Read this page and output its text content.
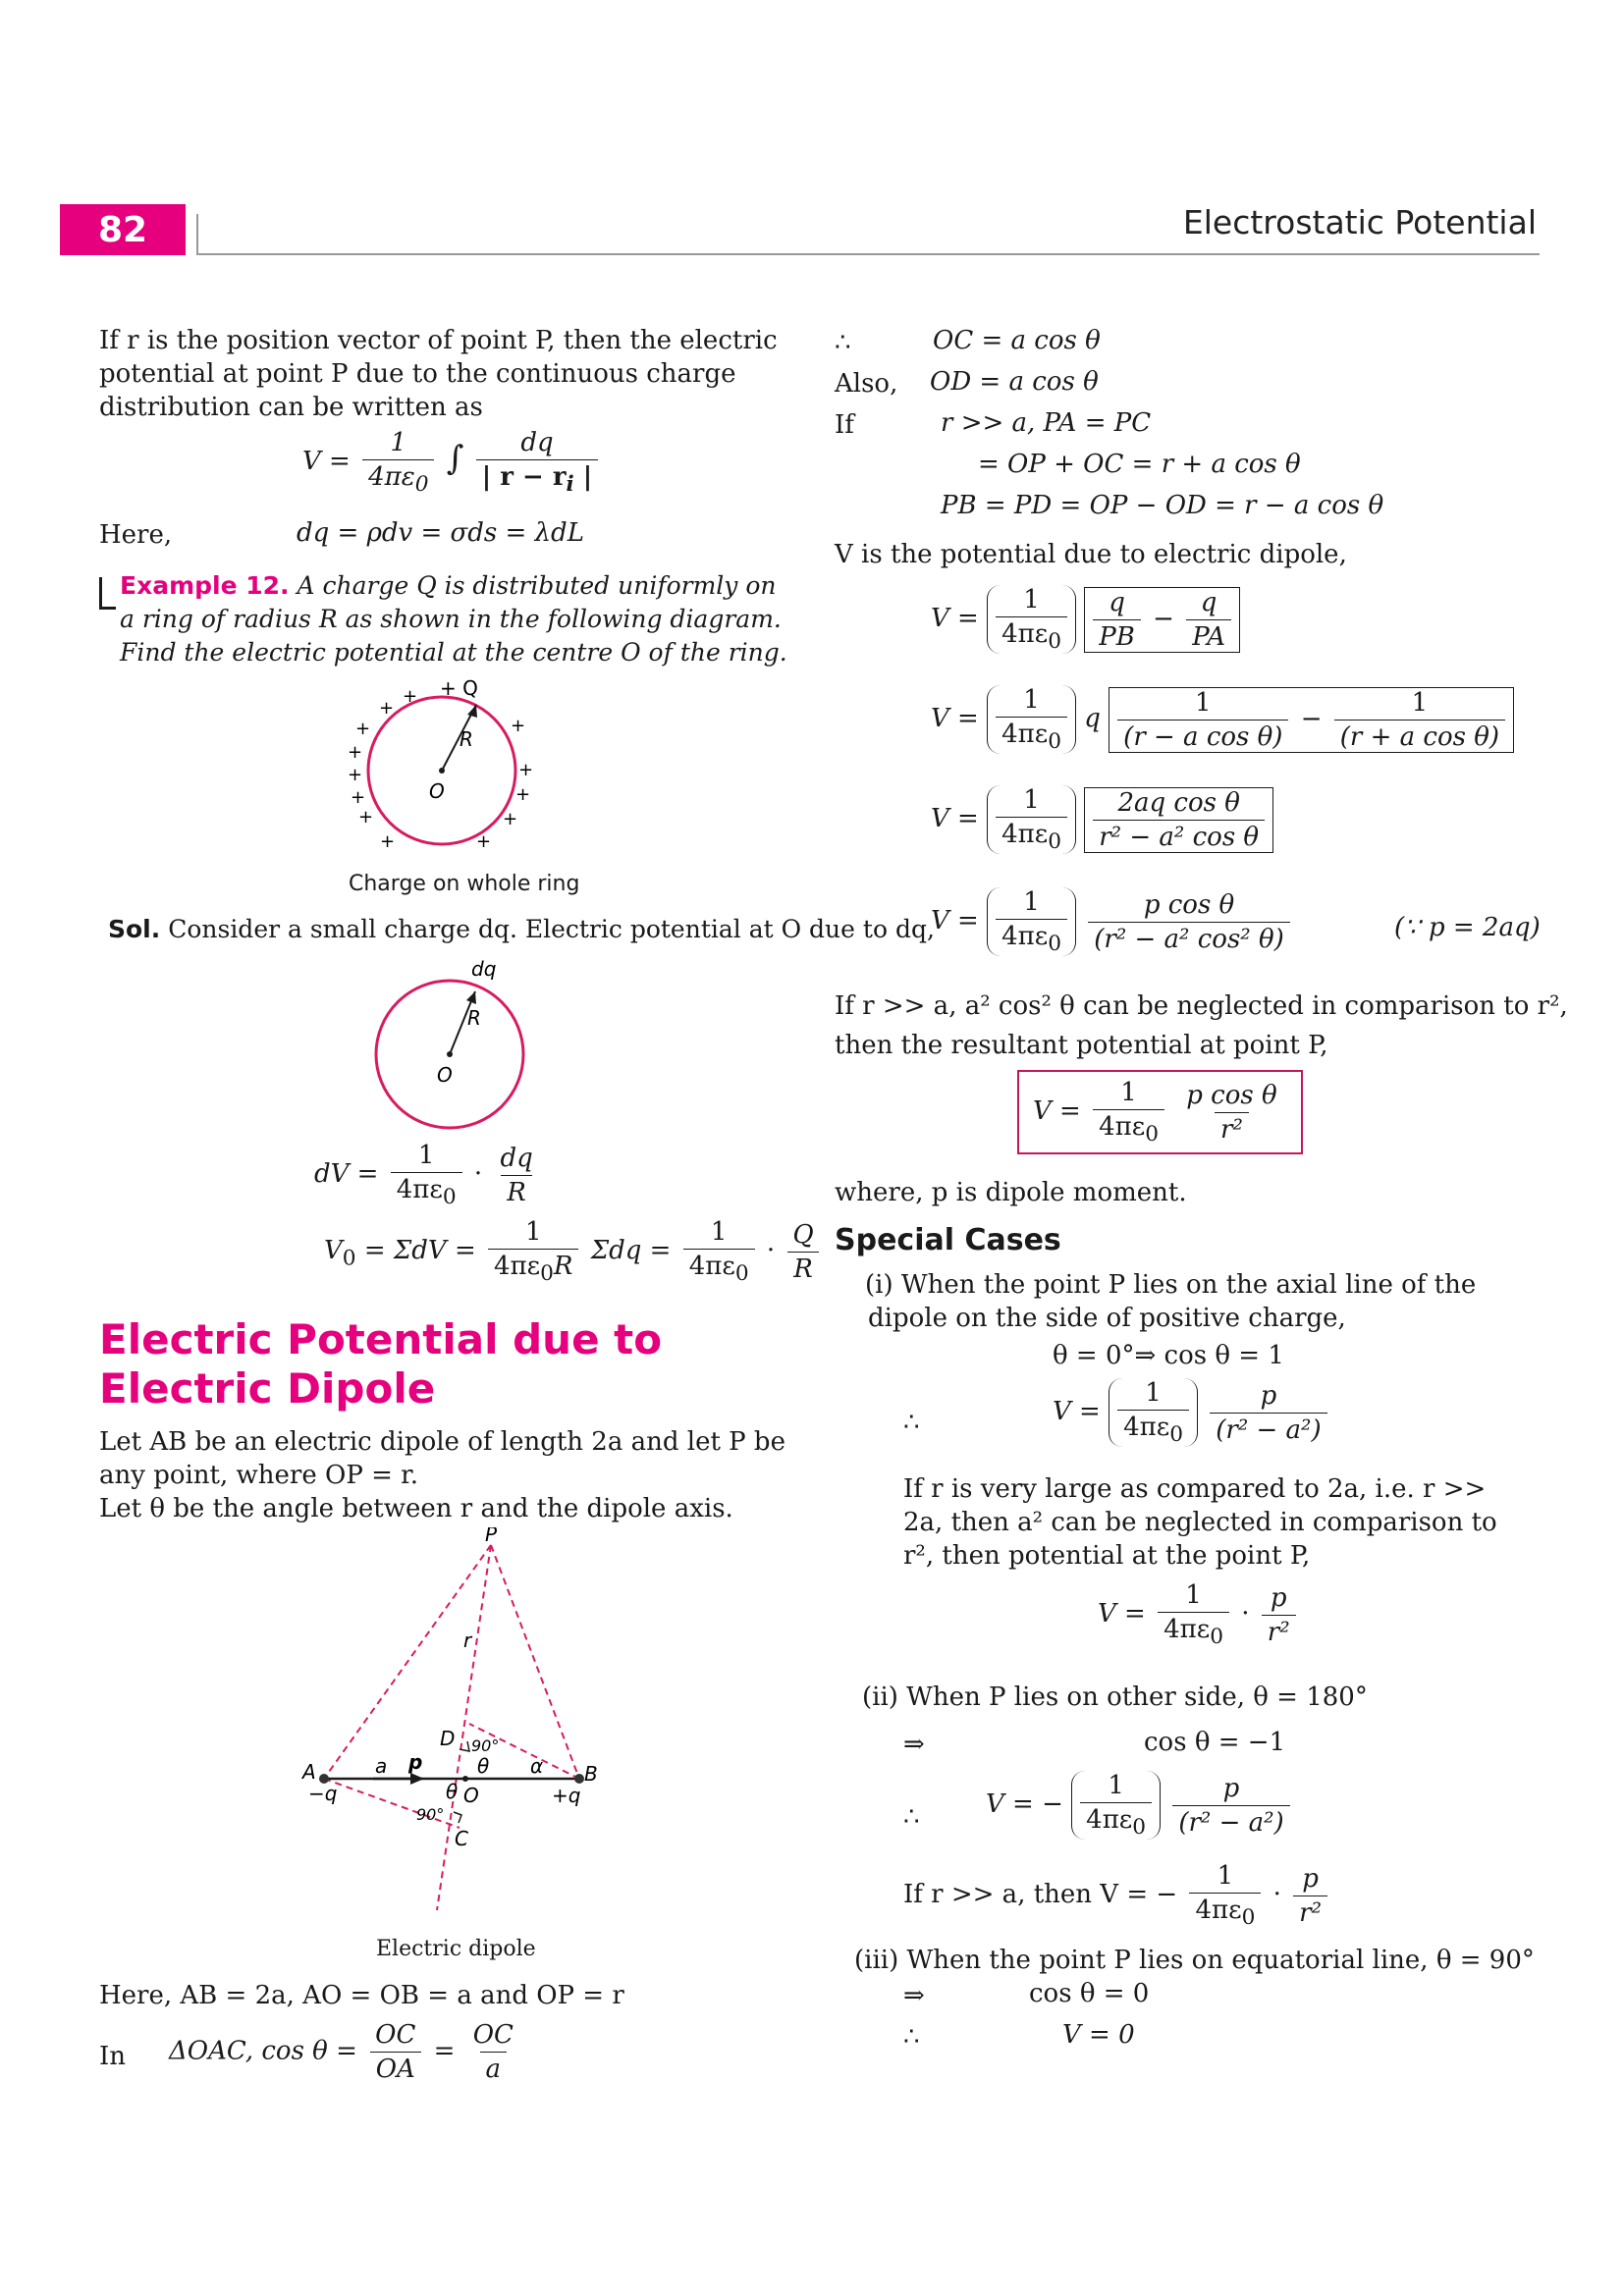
82	Electrostatic Potential
If r is the position vector of point P, then the electric potential at point P due to the continuous charge distribution can be written as
$V = \frac{1}{4\pi\varepsilon_0}$ ∫ $\frac{dq}{| r - r_i |}$
Here,	dq = ρdv = σds = λdL
Example 12. A charge Q is distributed uniformly on a ring of radius R as shown in the following diagram. Find the electric potential at the centre O of the ring.
R
O
+ Q
+
+
+
+
+
+
+
+	+
+
+
+
+
Charge on whole ring
Sol. Consider a small charge dq. Electric potential at O due to dq,
dq
R
O
dV = $\frac{1}{4\pi\varepsilon_0} \cdot \frac{dq}{R}$
$V_0 = \Sigma dV = \frac{1}{4\pi\varepsilon_0R}$ $\Sigma dq = \frac{1}{4\pi\varepsilon_0} \cdot \frac{Q}{R}$
Electric Potential due to
Electric Dipole
Let AB be an electric dipole of length 2a and let P be any point, where OP = r.
Let θ be the angle between r and the dipole axis.
P
r
D 90°
θ α
A
−q
a p
θ O
B
+q
90°
C
Electric dipole
Here, AB = 2a, AO = OB = a and OP = r
In ΔOAC, $\cos \theta = \frac{OC}{OA} = \frac{OC}{a}$
∴	OC = a cos θ
Also, OD = a cos θ
If	r >> a, PA = PC
= OP + OC = r + a cos θ
PB = PD = OP − OD = r − a cos θ
V is the potential due to electric dipole,
$V = \frac{1}{4\pi\varepsilon_0}$
$\frac{q}{PB} - \frac{q}{PA}$
$V = \frac{1}{4\pi\varepsilon_0}$ q $\frac{1}{\text{(r − a cos θ)}} - \frac{1}{\text{(r + a cos θ)}}$
$V = \frac{1}{4\pi\varepsilon_0}$
$\frac{\text{2aq cos θ}}{\text{r² − a² cos θ}}$
$V = \frac{1}{4\pi\varepsilon_0}$
$\frac{\text{p cos θ}}{\text{(r² − a² cos² θ)}}$	(∵ p = 2aq)
If r >> a, a² cos² θ can be neglected in comparison to r²,
then the resultant potential at point P,
$V = \frac{1}{4\pi\varepsilon_0}$
$\frac{\text{p cos θ}}{\text{r²}}$
where, p is dipole moment.
Special Cases
(i) When the point P lies on the axial line of the dipole on the side of positive charge,
θ = 0°⇒ cos θ = 1
∴	$V = \frac{1}{4\pi\varepsilon_0}$
$\frac{p}{\text{(r² − a²)}}$
If r is very large as compared to 2a, i.e. r >> 2a, then a² can be neglected in comparison to r², then potential at the point P,
$V = \frac{1}{4\pi\varepsilon_0} \cdot \frac{p}{\text{r²}}$
(ii) When P lies on other side, θ = 180°
⇒	cos θ = −1
∴	V = − $\frac{1}{4\pi\varepsilon_0}$
$\frac{p}{\text{(r² − a²)}}$
If r >> a, then V = − $\frac{1}{4\pi\varepsilon_0} \cdot \frac{p}{\text{r²}}$
(iii) When the point P lies on equatorial line, θ = 90°
⇒	cos θ = 0
∴	V = 0
